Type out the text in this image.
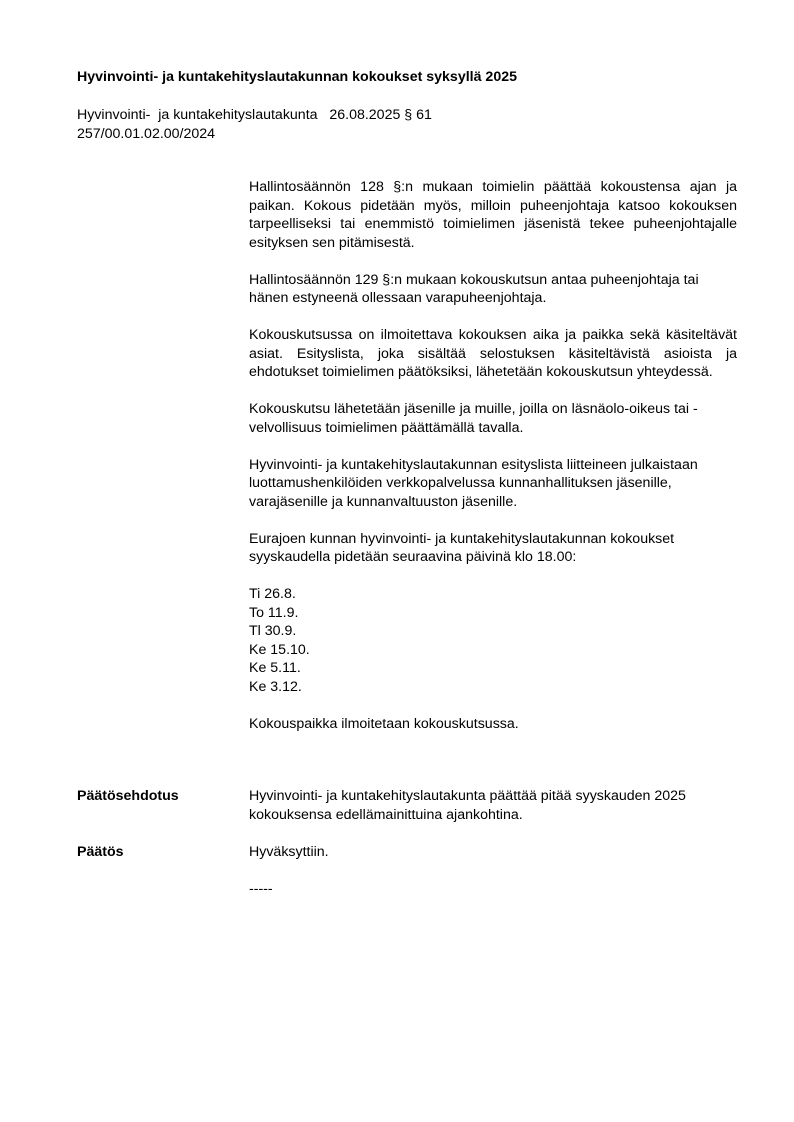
Hyvinvointi- ja kuntakehityslautakunnan kokoukset syksyllä 2025
Hyvinvointi-  ja kuntakehityslautakunta   26.08.2025 § 61
257/00.01.02.00/2024

Hallintosäännön 128 §:n mukaan toimielin päättää kokoustensa ajan ja paikan. Kokous pidetään myös, milloin puheenjohtaja katsoo kokouksen tarpeelliseksi tai enemmistö toimielimen jäsenistä tekee puheenjohtajalle esityksen sen pitämisestä.

Hallintosäännön 129 §:n mukaan kokouskutsun antaa puheenjohtaja tai hänen estyneenä ollessaan varapuheenjohtaja.

Kokouskutsussa on ilmoitettava kokouksen aika ja paikka sekä käsiteltävät asiat. Esityslista, joka sisältää selostuksen käsiteltävistä asioista ja ehdotukset toimielimen päätöksiksi, lähetetään kokouskutsun yhteydessä.

Kokouskutsu lähetetään jäsenille ja muille, joilla on läsnäolo-oikeus tai -velvollisuus toimielimen päättämällä tavalla.

Hyvinvointi- ja kuntakehityslautakunnan esityslista liitteineen julkaistaan luottamushenkilöiden verkkopalvelussa kunnanhallituksen jäsenille, varajäsenille ja kunnanvaltuuston jäsenille.

Eurajoen kunnan hyvinvointi- ja kuntakehityslautakunnan kokoukset syyskaudella pidetään seuraavina päivinä klo 18.00:

Ti 26.8.
To 11.9.
Tl 30.9.
Ke 15.10.
Ke 5.11.
Ke 3.12.

Kokouspaikka ilmoitetaan kokouskutsussa.

Päätösehdotus	Hyvinvointi- ja kuntakehityslautakunta päättää pitää syyskauden 2025 kokouksensa edellämainittuina ajankohtina.
Päätös	Hyväksyttiin.
-----
